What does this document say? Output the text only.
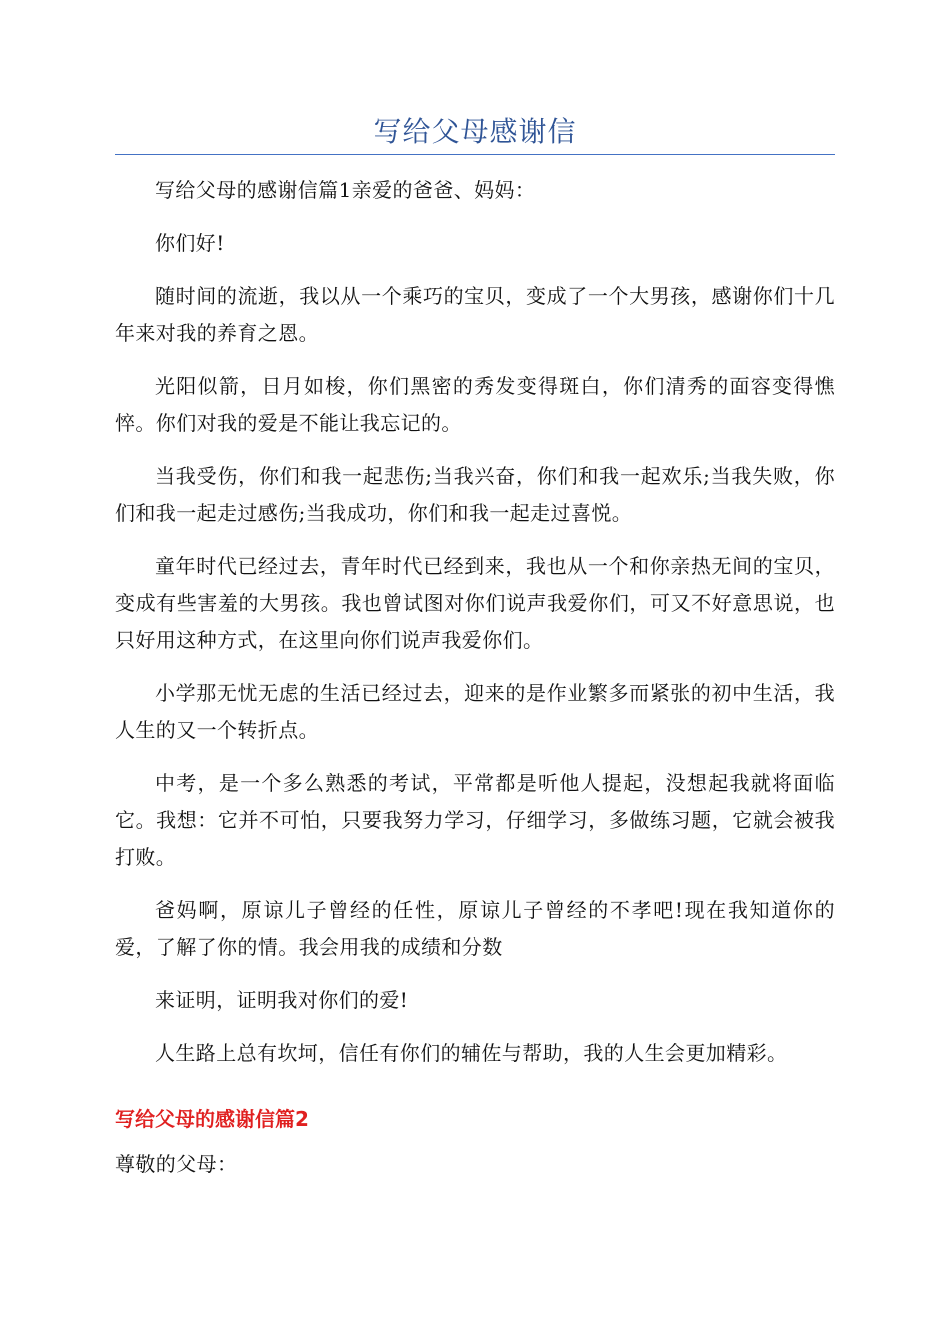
写给父母感谢信

写给父母的感谢信篇1亲爱的爸爸、妈妈：

你们好!

随时间的流逝，我以从一个乘巧的宝贝，变成了一个大男孩，感谢你们十几年来对我的养育之恩。

光阳似箭，日月如梭，你们黑密的秀发变得斑白，你们清秀的面容变得憔悴。你们对我的爱是不能让我忘记的。

当我受伤，你们和我一起悲伤;当我兴奋，你们和我一起欢乐;当我失败，你们和我一起走过感伤;当我成功，你们和我一起走过喜悦。

童年时代已经过去，青年时代已经到来，我也从一个和你亲热无间的宝贝，变成有些害羞的大男孩。我也曾试图对你们说声我爱你们，可又不好意思说，也只好用这种方式，在这里向你们说声我爱你们。

小学那无忧无虑的生活已经过去，迎来的是作业繁多而紧张的初中生活，我人生的又一个转折点。

中考，是一个多么熟悉的考试，平常都是听他人提起，没想起我就将面临它。我想：它并不可怕，只要我努力学习，仔细学习，多做练习题，它就会被我打败。

爸妈啊，原谅儿子曾经的任性，原谅儿子曾经的不孝吧!现在我知道你的爱，了解了你的情。我会用我的成绩和分数

来证明，证明我对你们的爱!

人生路上总有坎坷，信任有你们的辅佐与帮助，我的人生会更加精彩。

写给父母的感谢信篇2

尊敬的父母：
